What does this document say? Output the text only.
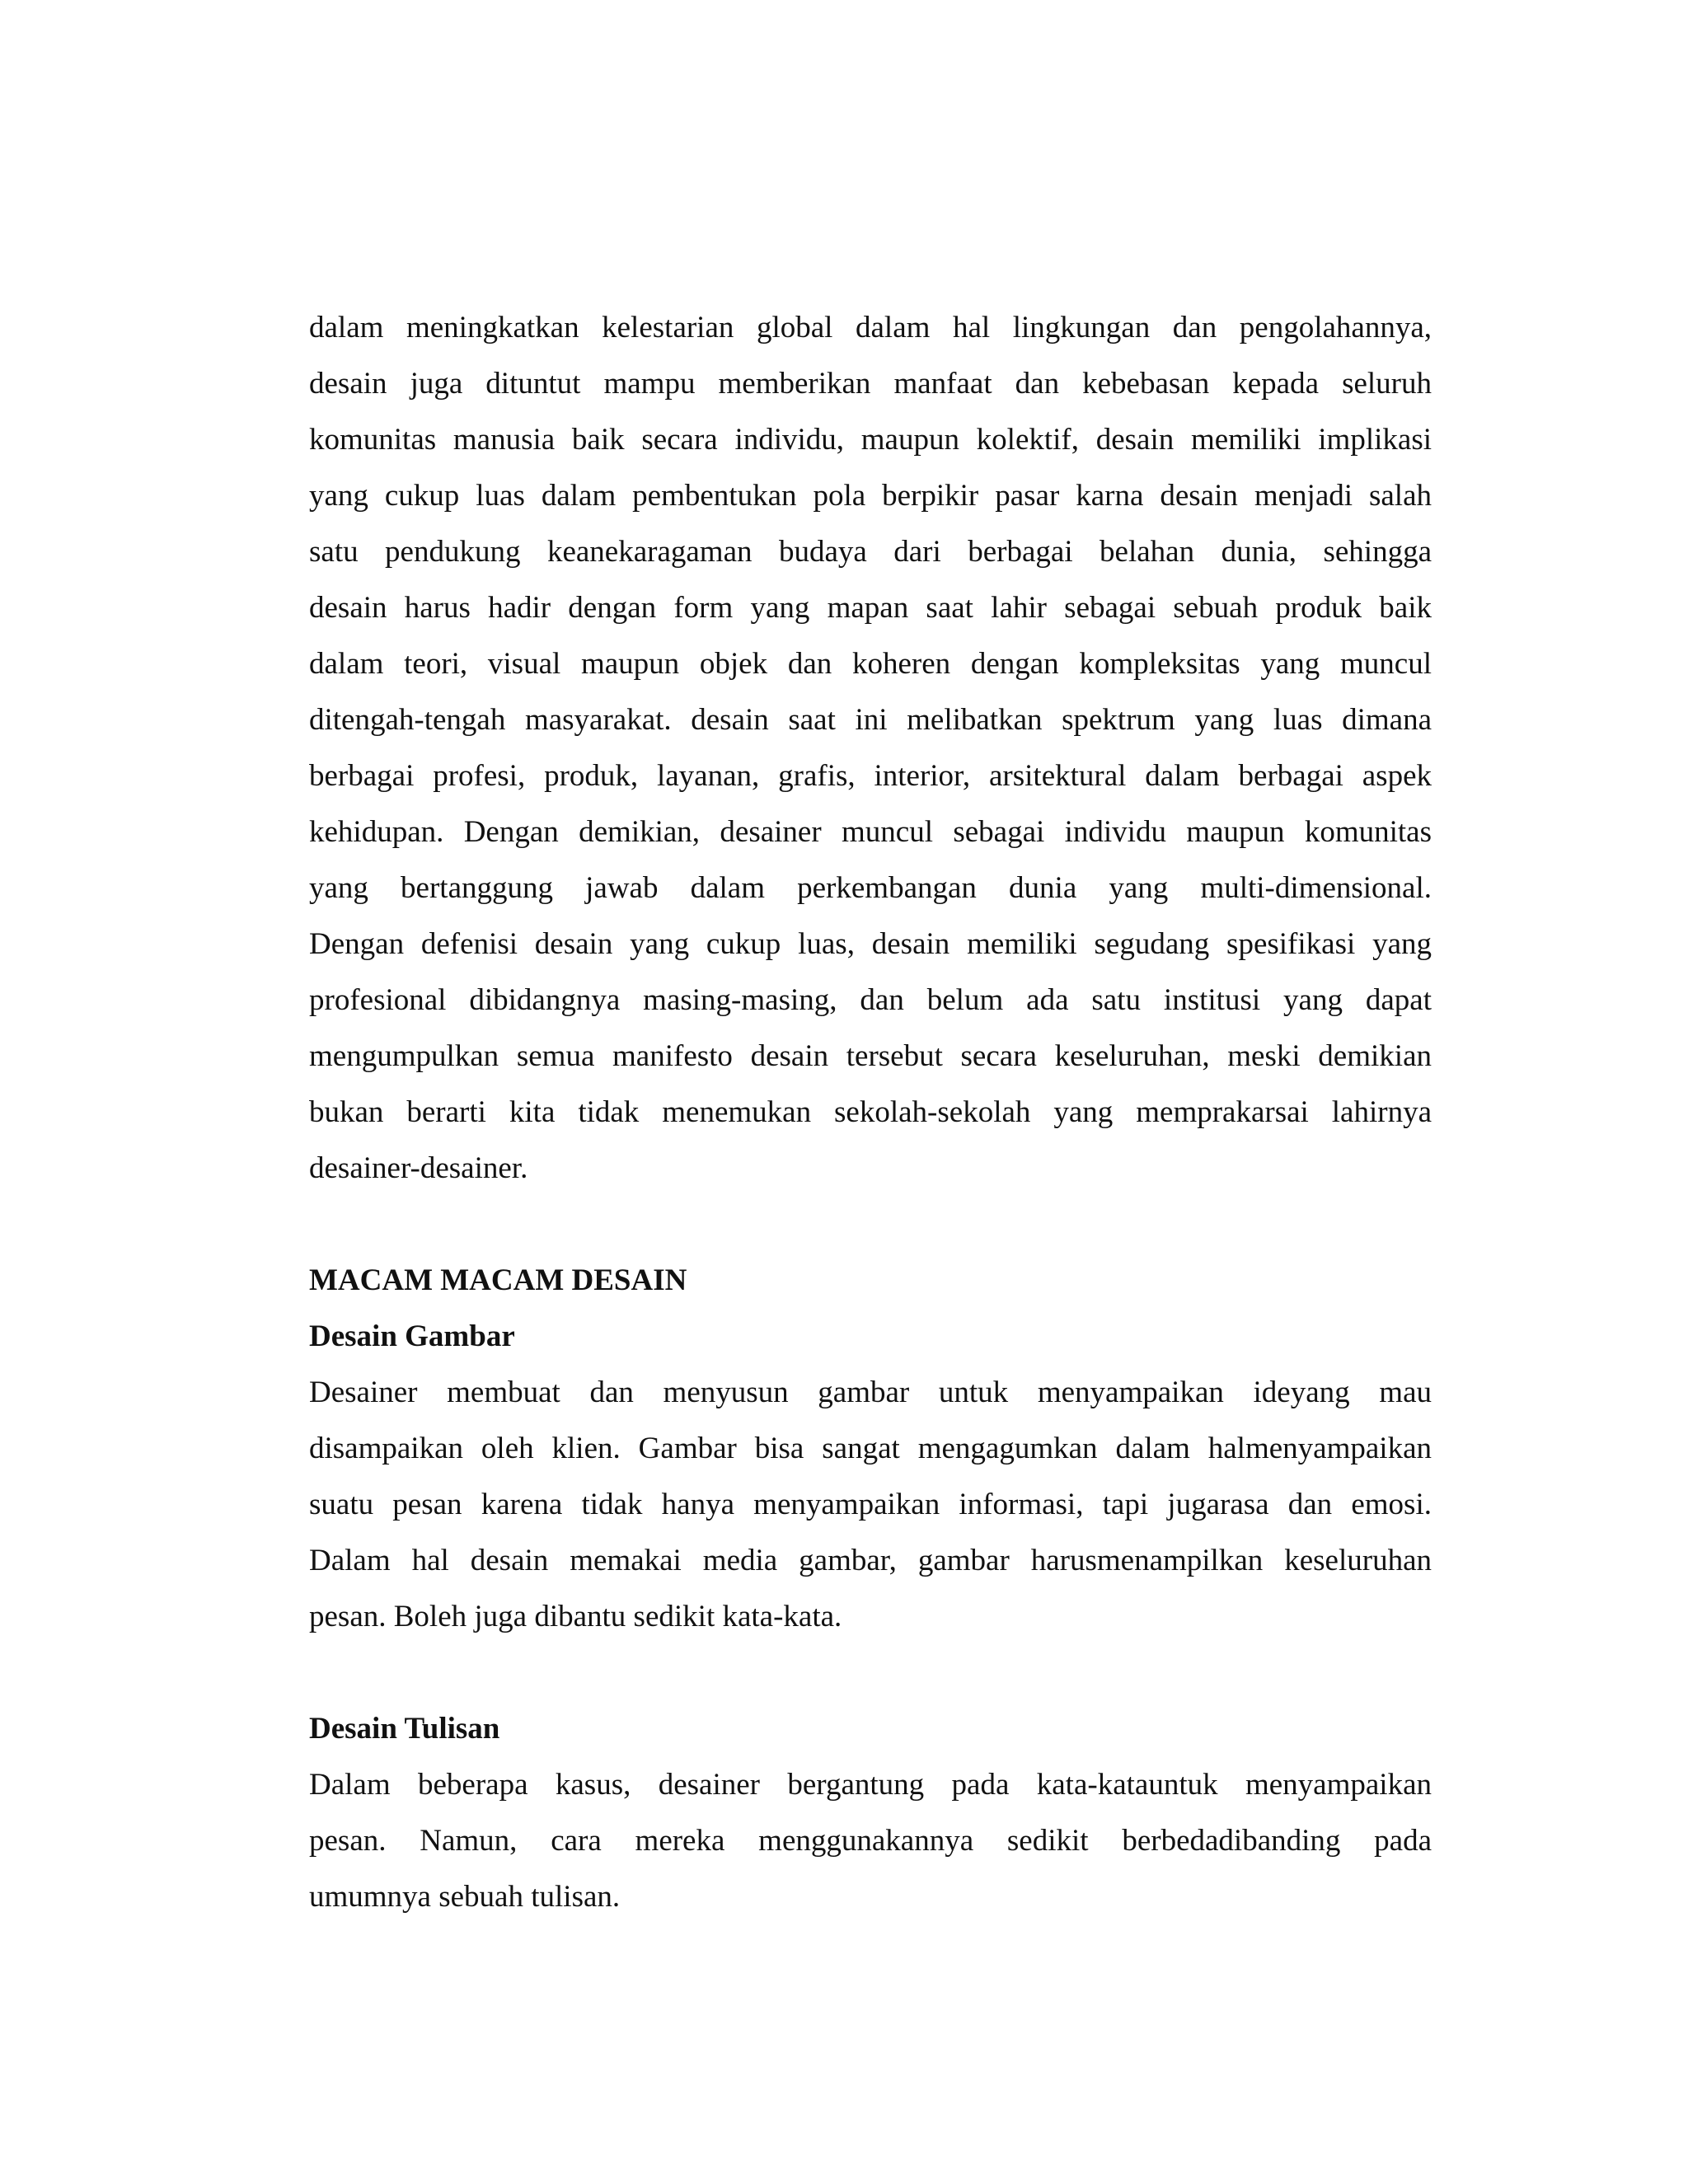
dalam meningkatkan kelestarian global dalam hal lingkungan dan pengolahannya,
desain juga dituntut mampu memberikan manfaat dan kebebasan kepada seluruh
komunitas manusia baik secara individu, maupun kolektif, desain memiliki implikasi
yang cukup luas dalam pembentukan pola berpikir pasar karna desain menjadi salah
satu pendukung keanekaragaman budaya dari berbagai belahan dunia, sehingga
desain harus hadir dengan form yang mapan saat lahir sebagai sebuah produk baik
dalam teori, visual maupun objek dan koheren dengan kompleksitas yang muncul
ditengah-tengah masyarakat. desain saat ini melibatkan spektrum yang luas dimana
berbagai profesi, produk, layanan, grafis, interior, arsitektural dalam berbagai aspek
kehidupan. Dengan demikian, desainer muncul sebagai individu maupun komunitas
yang bertanggung jawab dalam perkembangan dunia yang multi-dimensional.
Dengan defenisi desain yang cukup luas, desain memiliki segudang spesifikasi yang
profesional dibidangnya masing-masing, dan belum ada satu institusi yang dapat
mengumpulkan semua manifesto desain tersebut secara keseluruhan, meski demikian
bukan berarti kita tidak menemukan sekolah-sekolah yang memprakarsai lahirnya
desainer-desainer.
MACAM MACAM DESAIN
Desain Gambar
Desainer membuat dan menyusun gambar untuk menyampaikan ideyang mau
disampaikan oleh klien. Gambar bisa sangat mengagumkan dalam halmenyampaikan
suatu pesan karena tidak hanya menyampaikan informasi, tapi jugarasa dan emosi.
Dalam hal desain memakai media gambar, gambar harusmenampilkan keseluruhan
pesan. Boleh juga dibantu sedikit kata-kata.
Desain Tulisan
Dalam beberapa kasus, desainer bergantung pada kata-katauntuk menyampaikan
pesan. Namun, cara mereka menggunakannya sedikit berbedadibanding pada
umumnya sebuah tulisan.
